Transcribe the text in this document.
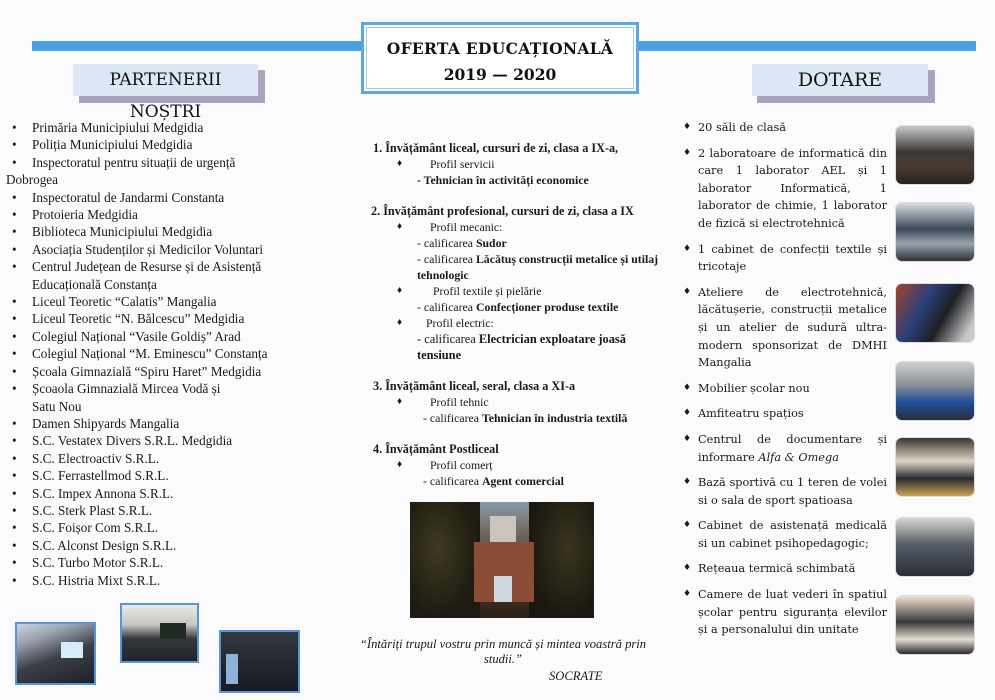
PARTENERII NOȘTRI
OFERTA EDUCAȚIONALĂ
2019 — 2020	DOTARE
• Primăria Municipiului Medgidia
• Poliția Municipiului Medgidia
• Inspectoratul pentru situații de urgență
Dobrogea
• Inspectoratul de Jandarmi Constanta
• Protoieria Medgidia
• Biblioteca Municipiului Medgidia
• Asociația Studenților și Medicilor Voluntari
• Centrul Județean de Resurse și de Asistență
Educațională Constanța
• Liceul Teoretic “Calatis” Mangalia
• Liceul Teoretic “N. Bălcescu” Medgidia
• Colegiul Național “Vasile Goldiș” Arad
• Colegiul Național “M. Eminescu” Constanța
• Școala Gimnazială “Spiru Haret” Medgidia
• Școaola Gimnazială Mircea Vodă și
Satu Nou
• Damen Shipyards Mangalia
• S.C. Vestatex Divers S.R.L. Medgidia
• S.C. Electroactiv S.R.L.
• S.C. Ferrastellmod S.R.L.
• S.C. Impex Annona S.R.L.
• S.C. Sterk Plast S.R.L.
• S.C. Foișor Com S.R.L.
• S.C. Alconst Design S.R.L.
• S.C. Turbo Motor S.R.L.
• S.C. Histria Mixt S.R.L.
1. Învățământ liceal, cursuri de zi, clasa a IX-a,
♦ Profil servicii
- Tehnician în activități economice
2. Învățământ profesional, cursuri de zi, clasa a IX
♦ Profil mecanic:
- calificarea Sudor
- calificarea Lăcătuș construcții metalice și utilaj tehnologic
♦	Profil textile și pielărie
- calificarea Confecționer produse textile
♦ Profil electric:
- calificarea Electrician exploatare joasă tensiune
3. Învățământ liceal, seral, clasa a XI-a
♦ Profil tehnic
- calificarea Tehnician în industria textilă
4. Învățământ Postliceal
♦ Profil comerț
- calificarea Agent comercial
“Întăriți trupul vostru prin muncă și mintea voastră prin studii.”
SOCRATE
♦ 20 săli de clasă
♦ 2 laboratoare de informatică din care 1 laborator AEL și 1 laborator Informatică, 1 laborator de chimie, 1 laborator de fizică si electrotehnică
♦ 1 cabinet de confecții textile și tricotaje
♦ Ateliere de electrotehnică, lăcătușerie, construcții metalice și un atelier de sudură ultra-modern sponsorizat de DMHI Mangalia
♦ Mobilier școlar nou
♦ Amfiteatru spațios
♦ Centrul de documentare și informare Alfa & Omega
♦ Bază sportivă cu 1 teren de volei si o sala de sport spatioasa
♦ Cabinet de asistenață medicală si un cabinet psihopedagogic;
♦ Rețeaua termică schimbată
♦ Camere de luat vederi în spatiul școlar pentru siguranța elevilor și a personalului din unitate
